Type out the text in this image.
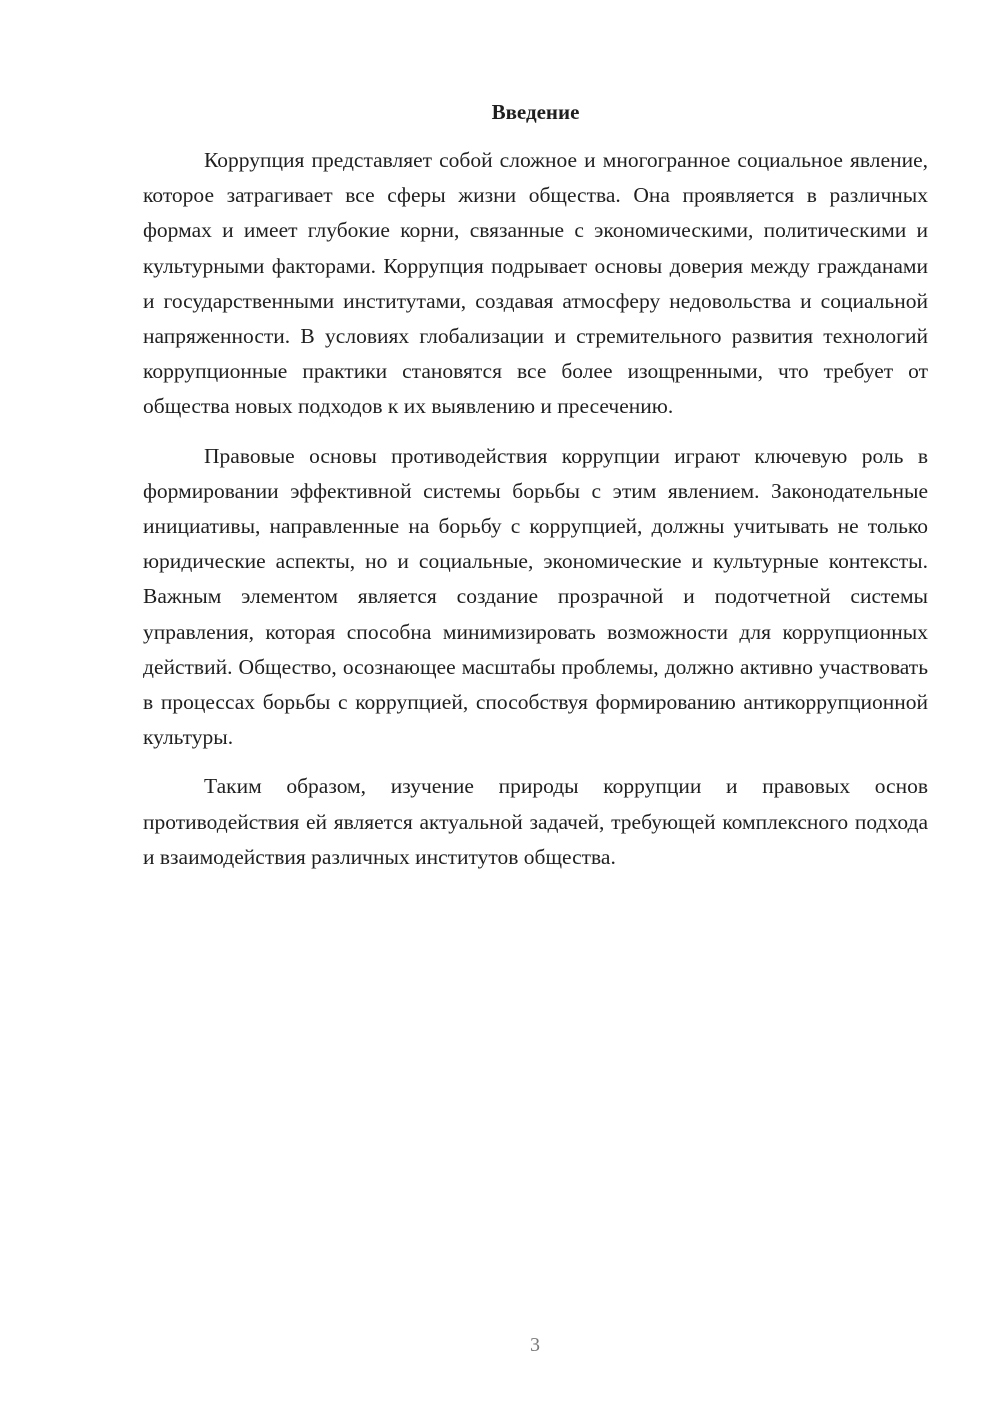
Введение

Коррупция представляет собой сложное и многогранное социальное явление, которое затрагивает все сферы жизни общества. Она проявляется в различных формах и имеет глубокие корни, связанные с экономическими, политическими и культурными факторами. Коррупция подрывает основы доверия между гражданами и государственными институтами, создавая атмосферу недовольства и социальной напряженности. В условиях глобализации и стремительного развития технологий коррупционные практики становятся все более изощренными, что требует от общества новых подходов к их выявлению и пресечению.

Правовые основы противодействия коррупции играют ключевую роль в формировании эффективной системы борьбы с этим явлением. Законодательные инициативы, направленные на борьбу с коррупцией, должны учитывать не только юридические аспекты, но и социальные, экономические и культурные контексты. Важным элементом является создание прозрачной и подотчетной системы управления, которая способна минимизировать возможности для коррупционных действий. Общество, осознающее масштабы проблемы, должно активно участвовать в процессах борьбы с коррупцией, способствуя формированию антикоррупционной культуры.

Таким образом, изучение природы коррупции и правовых основ противодействия ей является актуальной задачей, требующей комплексного подхода и взаимодействия различных институтов общества.

3
